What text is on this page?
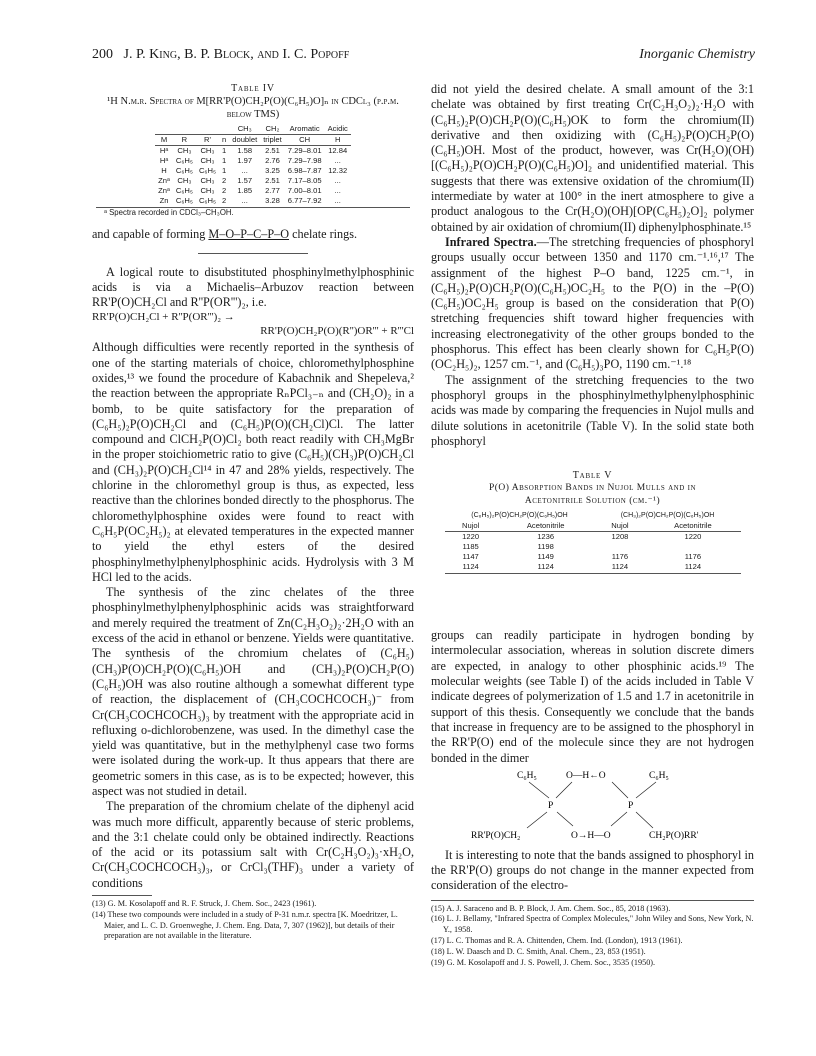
200 J. P. King, B. P. Block, and I. C. Popoff	Inorganic Chemistry
Table IV
¹H N.m.r. Spectra of M[RR'P(O)CH₂P(O)(C₆H₅)O]ₙ in CDCl₃ (p.p.m. below TMS)
				CH₃	CH₂	Aromatic	Acidic
M	R	R'	n	doublet	triplet	CH	H
Hᵃ	CH₃	CH₃	1	1.58	2.51	7.29–8.01	12.84
Hᵃ	C₆H₅	CH₃	1	1.97	2.76	7.29–7.98	...
H	C₆H₅	C₆H₅	1	...	3.25	6.98–7.87	12.32
Znᵃ	CH₃	CH₃	2	1.57	2.51	7.17–8.05	...
Znᵃ	C₆H₅	CH₃	2	1.85	2.77	7.00–8.01	...
Zn	C₆H₅	C₆H₅	2	...	3.28	6.77–7.92	...
ᵃ Spectra recorded in CDCl₃–CH₃OH.

and capable of forming M–O–P–C–P–O chelate rings.

A logical route to disubstituted phosphinylmethylphosphinic acids is via a Michaelis–Arbuzov reaction between RR'P(O)CH₂Cl and R''P(OR''')₂, i.e.

RR'P(O)CH₂Cl + R''P(OR''')₂ →
RR'P(O)CH₂P(O)(R'')OR''' + R'''Cl

Although difficulties were recently reported in the synthesis of one of the starting materials of choice, chloromethylphosphine oxides,¹³ we found the procedure of Kabachnik and Shepeleva,² the reaction between the appropriate RₙPCl₃₋ₙ and (CH₂O)₂ in a bomb, to be quite satisfactory for the preparation of (C₆H₅)₂P(O)CH₂Cl and (C₆H₅)P(O)(CH₂Cl)Cl. The latter compound and ClCH₂P(O)Cl₂ both react readily with CH₃MgBr in the proper stoichiometric ratio to give (C₆H₅)(CH₃)P(O)CH₂Cl and (CH₃)₂P(O)CH₂Cl¹⁴ in 47 and 28% yields, respectively. The chlorine in the chloromethyl group is thus, as expected, less reactive than the chlorines bonded directly to the phosphorus. The chloromethylphosphine oxides were found to react with C₆H₅P(OC₂H₅)₂ at elevated temperatures in the expected manner to yield the ethyl esters of the desired phosphinylmethylphenylphosphinic acids. Hydrolysis with 3 M HCl led to the acids.

The synthesis of the zinc chelates of the three phosphinylmethylphenylphosphinic acids was straightforward and merely required the treatment of Zn(C₂H₃O₂)₂·2H₂O with an excess of the acid in ethanol or benzene. Yields were quantitative. The synthesis of the chromium chelates of (C₆H₅)(CH₃)P(O)CH₂P(O)(C₆H₅)OH and (CH₃)₂P(O)CH₂P(O)(C₆H₅)OH was also routine although a somewhat different type of reaction, the displacement of (CH₃COCHCOCH₃)⁻ from Cr(CH₃COCHCOCH₃)₃ by treatment with the appropriate acid in refluxing o-dichlorobenzene, was used. In the dimethyl case the yield was quantitative, but in the methylphenyl case two forms were isolated during the work-up. It thus appears that there are geometric somers in this case, as is to be expected; however, this aspect was not studied in detail.

The preparation of the chromium chelate of the diphenyl acid was much more difficult, apparently because of steric problems, and the 3:1 chelate could only be obtained indirectly. Reactions of the acid or its potassium salt with Cr(C₂H₃O₂)₃·xH₂O, Cr(CH₃COCHCOCH₃)₃, or CrCl₃(THF)₃ under a variety of conditions

(13) G. M. Kosolapoff and R. F. Struck, J. Chem. Soc., 2423 (1961).
(14) These two compounds were included in a study of P-31 n.m.r. spectra [K. Moedritzer, L. Maier, and L. C. D. Groenweghe, J. Chem. Eng. Data, 7, 307 (1962)], but details of their preparation are not available in the literature.

did not yield the desired chelate. A small amount of the 3:1 chelate was obtained by first treating Cr(C₂H₃O₂)₂·H₂O with (C₆H₅)₂P(O)CH₂P(O)(C₆H₅)OK to form the chromium(II) derivative and then oxidizing with (C₆H₅)₂P(O)CH₂P(O)(C₆H₅)OH. Most of the product, however, was Cr(H₂O)(OH)[(C₆H₅)₂P(O)CH₂P(O)(C₆H₅)O]₂ and unidentified material. This suggests that there was extensive oxidation of the chromium(II) intermediate by water at 100° in the inert atmosphere to give a product analogous to the Cr(H₂O)(OH)[OP(C₆H₅)₂O]₂ polymer obtained by air oxidation of chromium(II) diphenylphosphinate.¹⁵

Infrared Spectra.—The stretching frequencies of phosphoryl groups usually occur between 1350 and 1170 cm.⁻¹.¹⁶,¹⁷ The assignment of the highest P–O band, 1225 cm.⁻¹, in (C₆H₅)₂P(O)CH₂P(O)(C₆H₅)OC₂H₅ to the P(O) in the –P(O)(C₆H₅)OC₂H₅ group is based on the consideration that P(O) stretching frequencies shift toward higher frequencies with increasing electronegativity of the other groups bonded to the phosphorus. This effect has been clearly shown for C₆H₅P(O)(OC₂H₅)₂, 1257 cm.⁻¹, and (C₆H₅)₃PO, 1190 cm.⁻¹.¹⁸

The assignment of the stretching frequencies to the two phosphoryl groups in the phosphinylmethylphenylphosphinic acids was made by comparing the frequencies in Nujol mulls and dilute solutions in acetonitrile (Table V). In the solid state both phosphoryl

Table V
P(O) Absorption Bands in Nujol Mulls and in
Acetonitrile Solution (cm.⁻¹)
(C₆H₅)₂P(O)CH₂P(O)(C₆H₅)OH		(CH₃)₂P(O)CH₂P(O)(C₆H₅)OH	
Nujol	Acetonitrile	Nujol	Acetonitrile
1220	1236	1208	1220
1185	1198		
1147	1149	1176	1176
1124	1124	1124	1124

groups can readily participate in hydrogen bonding by intermolecular association, whereas in solution discrete dimers are expected, in analogy to other phosphinic acids.¹⁹ The molecular weights (see Table I) of the acids included in Table V indicate degrees of polymerization of 1.5 and 1.7 in acetonitrile in support of this thesis. Consequently we conclude that the bands that increase in frequency are to be assigned to the phosphoryl in the RR'P(O) end of the molecule since they are not hydrogen bonded in the dimer

C₆H₅	O—H←O	C₆H₅
P	P
RR'P(O)CH₂	O→H—O	CH₂P(O)RR'

It is interesting to note that the bands assigned to phosphoryl in the RR'P(O) groups do not change in the manner expected from consideration of the electro-

(15) A. J. Saraceno and B. P. Block, J. Am. Chem. Soc., 85, 2018 (1963).
(16) L. J. Bellamy, "Infrared Spectra of Complex Molecules," John Wiley and Sons, New York, N. Y., 1958.
(17) L. C. Thomas and R. A. Chittenden, Chem. Ind. (London), 1913 (1961).
(18) L. W. Daasch and D. C. Smith, Anal. Chem., 23, 853 (1951).
(19) G. M. Kosolapoff and J. S. Powell, J. Chem. Soc., 3535 (1950).
